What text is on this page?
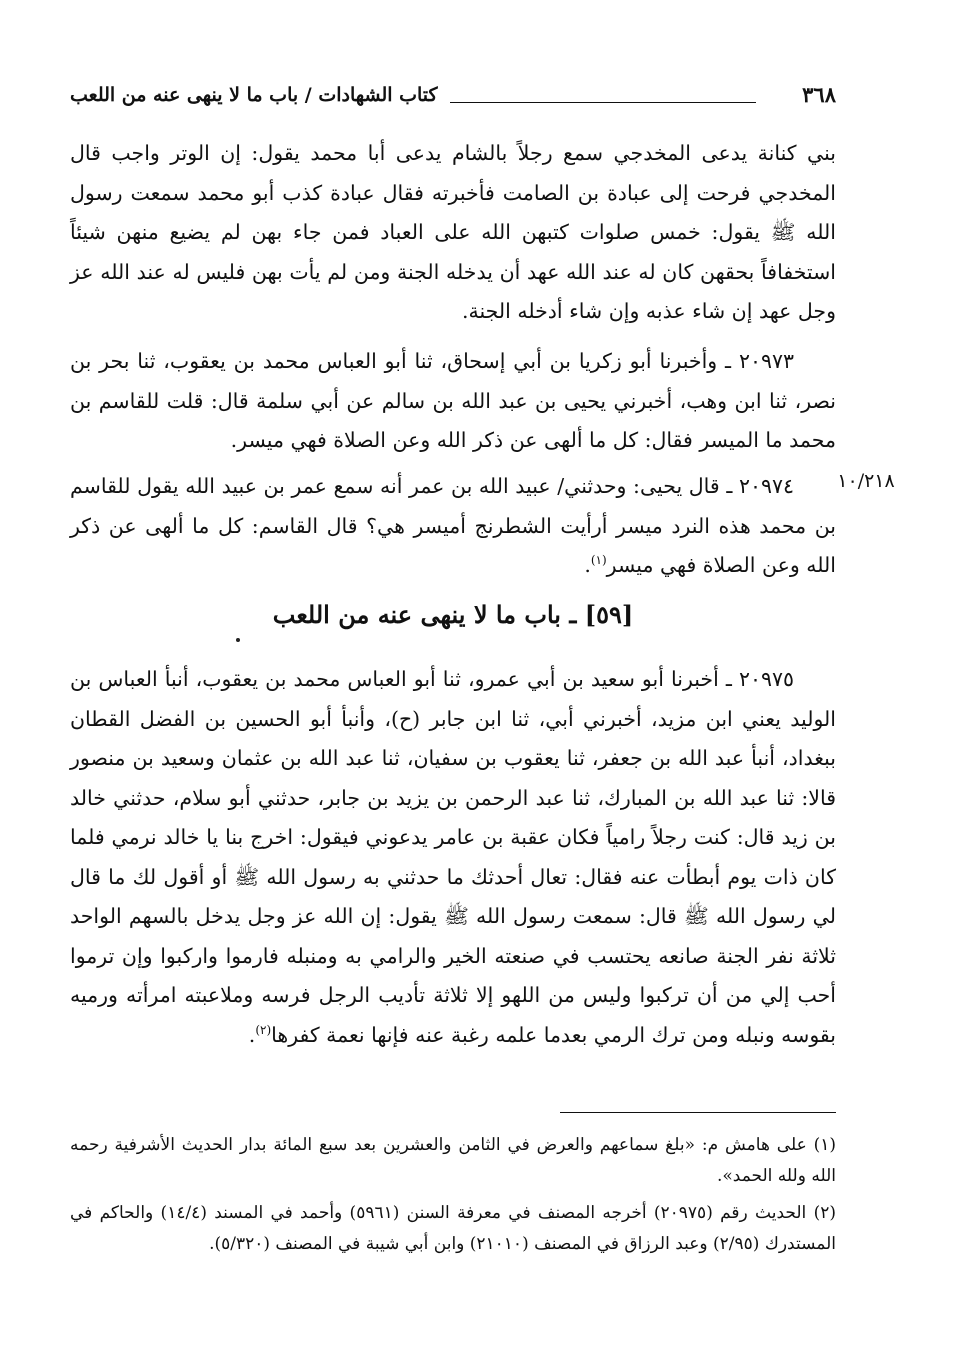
كتاب الشهادات / باب ما لا ينهى عنه من اللعب	٣٦٨

بني كنانة يدعى المخدجي سمع رجلاً بالشام يدعى أبا محمد يقول: إن الوتر واجب قال المخدجي فرحت إلى عبادة بن الصامت فأخبرته فقال عبادة كذب أبو محمد سمعت رسول الله ﷺ يقول: خمس صلوات كتبهن الله على العباد فمن جاء بهن لم يضيع منهن شيئاً استخفافاً بحقهن كان له عند الله عهد أن يدخله الجنة ومن لم يأت بهن فليس له عند الله عز وجل عهد إن شاء عذبه وإن شاء أدخله الجنة.

٢٠٩٧٣ ـ وأخبرنا أبو زكريا بن أبي إسحاق، ثنا أبو العباس محمد بن يعقوب، ثنا بحر بن نصر، ثنا ابن وهب، أخبرني يحيى بن عبد الله بن سالم عن أبي سلمة قال: قلت للقاسم بن محمد ما الميسر فقال: كل ما ألهى عن ذكر الله وعن الصلاة فهي ميسر.

١٠/٢١٨

٢٠٩٧٤ ـ قال يحيى: وحدثني/ عبيد الله بن عمر أنه سمع عمر بن عبيد الله يقول للقاسم بن محمد هذه النرد ميسر أرأيت الشطرنج أميسر هي؟ قال القاسم: كل ما ألهى عن ذكر الله وعن الصلاة فهي ميسر$^{(١)}$.

[٥٩] ـ باب ما لا ينهى عنه من اللعب

٢٠٩٧٥ ـ أخبرنا أبو سعيد بن أبي عمرو، ثنا أبو العباس محمد بن يعقوب، أنبأ العباس بن الوليد يعني ابن مزيد، أخبرني أبي، ثنا ابن جابر (ح)، وأنبأ أبو الحسين بن الفضل القطان ببغداد، أنبأ عبد الله بن جعفر، ثنا يعقوب بن سفيان، ثنا عبد الله بن عثمان وسعيد بن منصور قالا: ثنا عبد الله بن المبارك، ثنا عبد الرحمن بن يزيد بن جابر، حدثني أبو سلام، حدثني خالد بن زيد قال: كنت رجلاً رامياً فكان عقبة بن عامر يدعوني فيقول: اخرج بنا يا خالد نرمي فلما كان ذات يوم أبطأت عنه فقال: تعال أحدثك ما حدثني به رسول الله ﷺ أو أقول لك ما قال لي رسول الله ﷺ قال: سمعت رسول الله ﷺ يقول: إن الله عز وجل يدخل بالسهم الواحد ثلاثة نفر الجنة صانعه يحتسب في صنعته الخير والرامي به ومنبله فارموا واركبوا وإن ترموا أحب إلي من أن تركبوا وليس من اللهو إلا ثلاثة تأديب الرجل فرسه وملاعبته امرأته ورميه بقوسه ونبله ومن ترك الرمي بعدما علمه رغبة عنه فإنها نعمة كفرها$^{(٢)}$.

(١) على هامش م: «بلغ سماعهم والعرض في الثامن والعشرين بعد سبع المائة بدار الحديث الأشرفية رحمه الله ولله الحمد».

(٢) الحديث رقم (٢٠٩٧٥) أخرجه المصنف في معرفة السنن (٥٩٦١) وأحمد في المسند (١٤/٤) والحاكم في المستدرك (٢/٩٥) وعبد الرزاق في المصنف (٢١٠١٠) وابن أبي شيبة في المصنف (٥/٣٢٠).
